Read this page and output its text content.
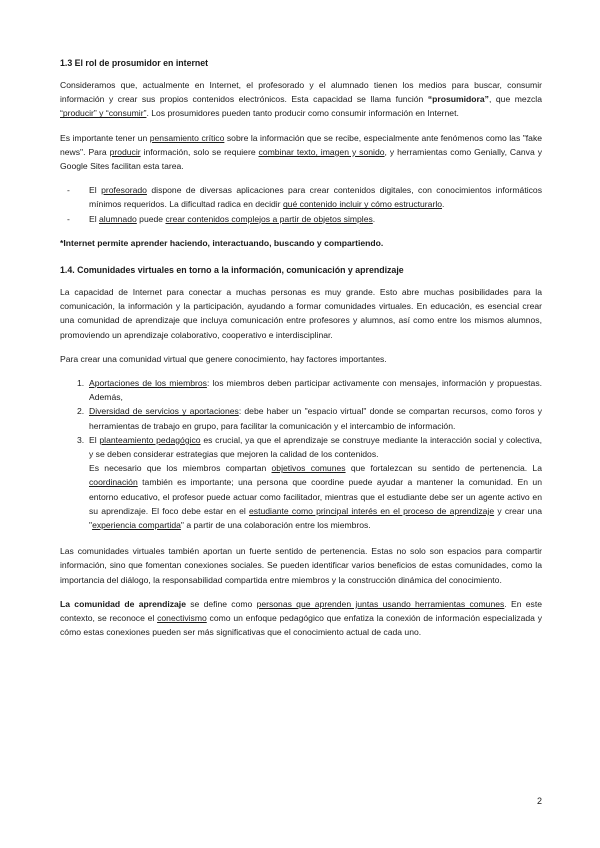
1.3 El rol de prosumidor en internet

Consideramos que, actualmente en Internet, el profesorado y el alumnado tienen los medios para buscar, consumir información y crear sus propios contenidos electrónicos. Esta capacidad se llama función “prosumidora”, que mezcla “producir” y “consumir”. Los prosumidores pueden tanto producir como consumir información en Internet.

Es importante tener un pensamiento crítico sobre la información que se recibe, especialmente ante fenómenos como las "fake news". Para producir información, solo se requiere combinar texto, imagen y sonido, y herramientas como Genially, Canva y Google Sites facilitan esta tarea.

- El profesorado dispone de diversas aplicaciones para crear contenidos digitales, con conocimientos informáticos mínimos requeridos. La dificultad radica en decidir qué contenido incluir y cómo estructurarlo.
- El alumnado puede crear contenidos complejos a partir de objetos simples.

*Internet permite aprender haciendo, interactuando, buscando y compartiendo.

1.4. Comunidades virtuales en torno a la información, comunicación y aprendizaje

La capacidad de Internet para conectar a muchas personas es muy grande. Esto abre muchas posibilidades para la comunicación, la información y la participación, ayudando a formar comunidades virtuales. En educación, es esencial crear una comunidad de aprendizaje que incluya comunicación entre profesores y alumnos, así como entre los mismos alumnos, promoviendo un aprendizaje colaborativo, cooperativo e interdisciplinar.

Para crear una comunidad virtual que genere conocimiento, hay factores importantes.

1. Aportaciones de los miembros: los miembros deben participar activamente con mensajes, información y propuestas. Además,
2. Diversidad de servicios y aportaciones: debe haber un "espacio virtual" donde se compartan recursos, como foros y herramientas de trabajo en grupo, para facilitar la comunicación y el intercambio de información.
3. El planteamiento pedagógico es crucial, ya que el aprendizaje se construye mediante la interacción social y colectiva, y se deben considerar estrategias que mejoren la calidad de los contenidos.
Es necesario que los miembros compartan objetivos comunes que fortalezcan su sentido de pertenencia. La coordinación también es importante; una persona que coordine puede ayudar a mantener la comunidad. En un entorno educativo, el profesor puede actuar como facilitador, mientras que el estudiante debe ser un agente activo en su aprendizaje. El foco debe estar en el estudiante como principal interés en el proceso de aprendizaje y crear una "experiencia compartida" a partir de una colaboración entre los miembros.

Las comunidades virtuales también aportan un fuerte sentido de pertenencia. Estas no solo son espacios para compartir información, sino que fomentan conexiones sociales. Se pueden identificar varios beneficios de estas comunidades, como la importancia del diálogo, la responsabilidad compartida entre miembros y la construcción dinámica del conocimiento.

La comunidad de aprendizaje se define como personas que aprenden juntas usando herramientas comunes. En este contexto, se reconoce el conectivismo como un enfoque pedagógico que enfatiza la conexión de información especializada y cómo estas conexiones pueden ser más significativas que el conocimiento actual de cada uno.

2
